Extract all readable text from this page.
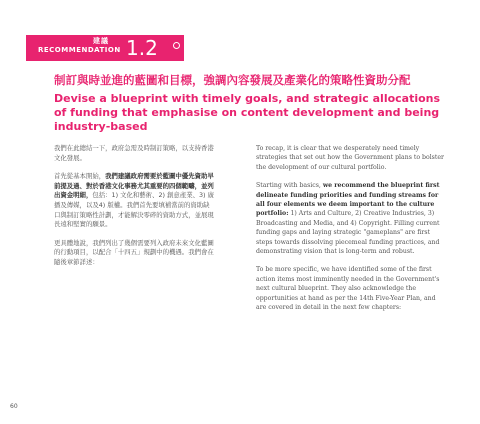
建議
RECOMMENDATION 1.2
制訂與時並進的藍圖和目標，強調內容發展及產業化的策略性資助分配
Devise a blueprint with timely goals, and strategic allocations of funding that emphasise on content development and being industry-based

我們在此總結一下，政府急需及時制訂策略，以支持香港文化發展。

首先從基本開始，我們建議政府需要於藍圖中優先資助早前提及過、對於香港文化事務尤其重要的四個範疇，並列出資金明細，包括：1) 文化和藝術、2) 創意產業、3) 廣播及傳媒，以及4) 版權。我們首先要填補當前的資助缺口與制訂策略性計劃，才能解決零碎的資助方式，並展現長遠和堅實的願景。

更具體地說，我們列出了幾個需要列入政府未來文化藍圖的行動項目，以配合「十四五」規劃中的機遇。我們會在隨後章節詳述：

To recap, it is clear that we desperately need timely strategies that set out how the Government plans to bolster the development of our cultural portfolio.

Starting with basics, we recommend the blueprint first delineate funding priorities and funding streams for all four elements we deem important to the culture portfolio: 1) Arts and Culture, 2) Creative Industries, 3) Broadcasting and Media, and 4) Copyright. Filling current funding gaps and laying strategic "gameplans" are first steps towards dissolving piecemeal funding practices, and demonstrating vision that is long-term and robust.

To be more specific, we have identified some of the first action items most imminently needed in the Government's next cultural blueprint. They also acknowledge the opportunities at hand as per the 14th Five-Year Plan, and are covered in detail in the next few chapters:

60
